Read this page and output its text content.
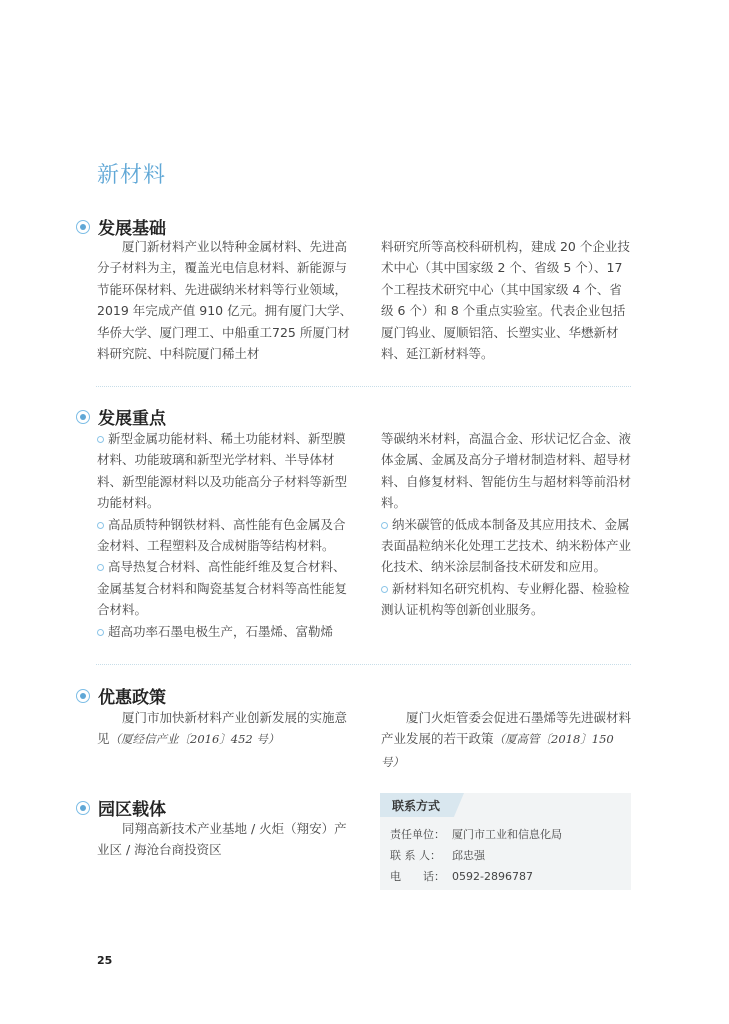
新材料
发展基础

厦门新材料产业以特种金属材料、先进高分子材料为主，覆盖光电信息材料、新能源与节能环保材料、先进碳纳米材料等行业领域，2019 年完成产值 910 亿元。拥有厦门大学、华侨大学、厦门理工、中船重工725 所厦门材料研究院、中科院厦门稀土材

料研究所等高校科研机构，建成 20 个企业技术中心（其中国家级 2 个、省级 5 个）、17 个工程技术研究中心（其中国家级 4 个、省级 6 个）和 8 个重点实验室。代表企业包括厦门钨业、厦顺铝箔、长塑实业、华懋新材料、延江新材料等。

发展重点
新型金属功能材料、稀土功能材料、新型膜材料、功能玻璃和新型光学材料、半导体材料、新型能源材料以及功能高分子材料等新型功能材料。
高品质特种钢铁材料、高性能有色金属及合金材料、工程塑料及合成树脂等结构材料。
高导热复合材料、高性能纤维及复合材料、金属基复合材料和陶瓷基复合材料等高性能复合材料。
超高功率石墨电极生产，石墨烯、富勒烯
等碳纳米材料，高温合金、形状记忆合金、液体金属、金属及高分子增材制造材料、超导材料、自修复材料、智能仿生与超材料等前沿材料。
纳米碳管的低成本制备及其应用技术、金属表面晶粒纳米化处理工艺技术、纳米粉体产业化技术、纳米涂层制备技术研发和应用。
新材料知名研究机构、专业孵化器、检验检测认证机构等创新创业服务。
优惠政策

厦门市加快新材料产业创新发展的实施意见（厦经信产业〔2016〕452 号）

厦门火炬管委会促进石墨烯等先进碳材料产业发展的若干政策（厦高管〔2018〕150 号）

园区载体

同翔高新技术产业基地 / 火炬（翔安）产业区 / 海沧台商投资区

联系方式
责任单位： 厦门市工业和信息化局
联 系 人： 邱忠强
电　　话： 0592-2896787
25
